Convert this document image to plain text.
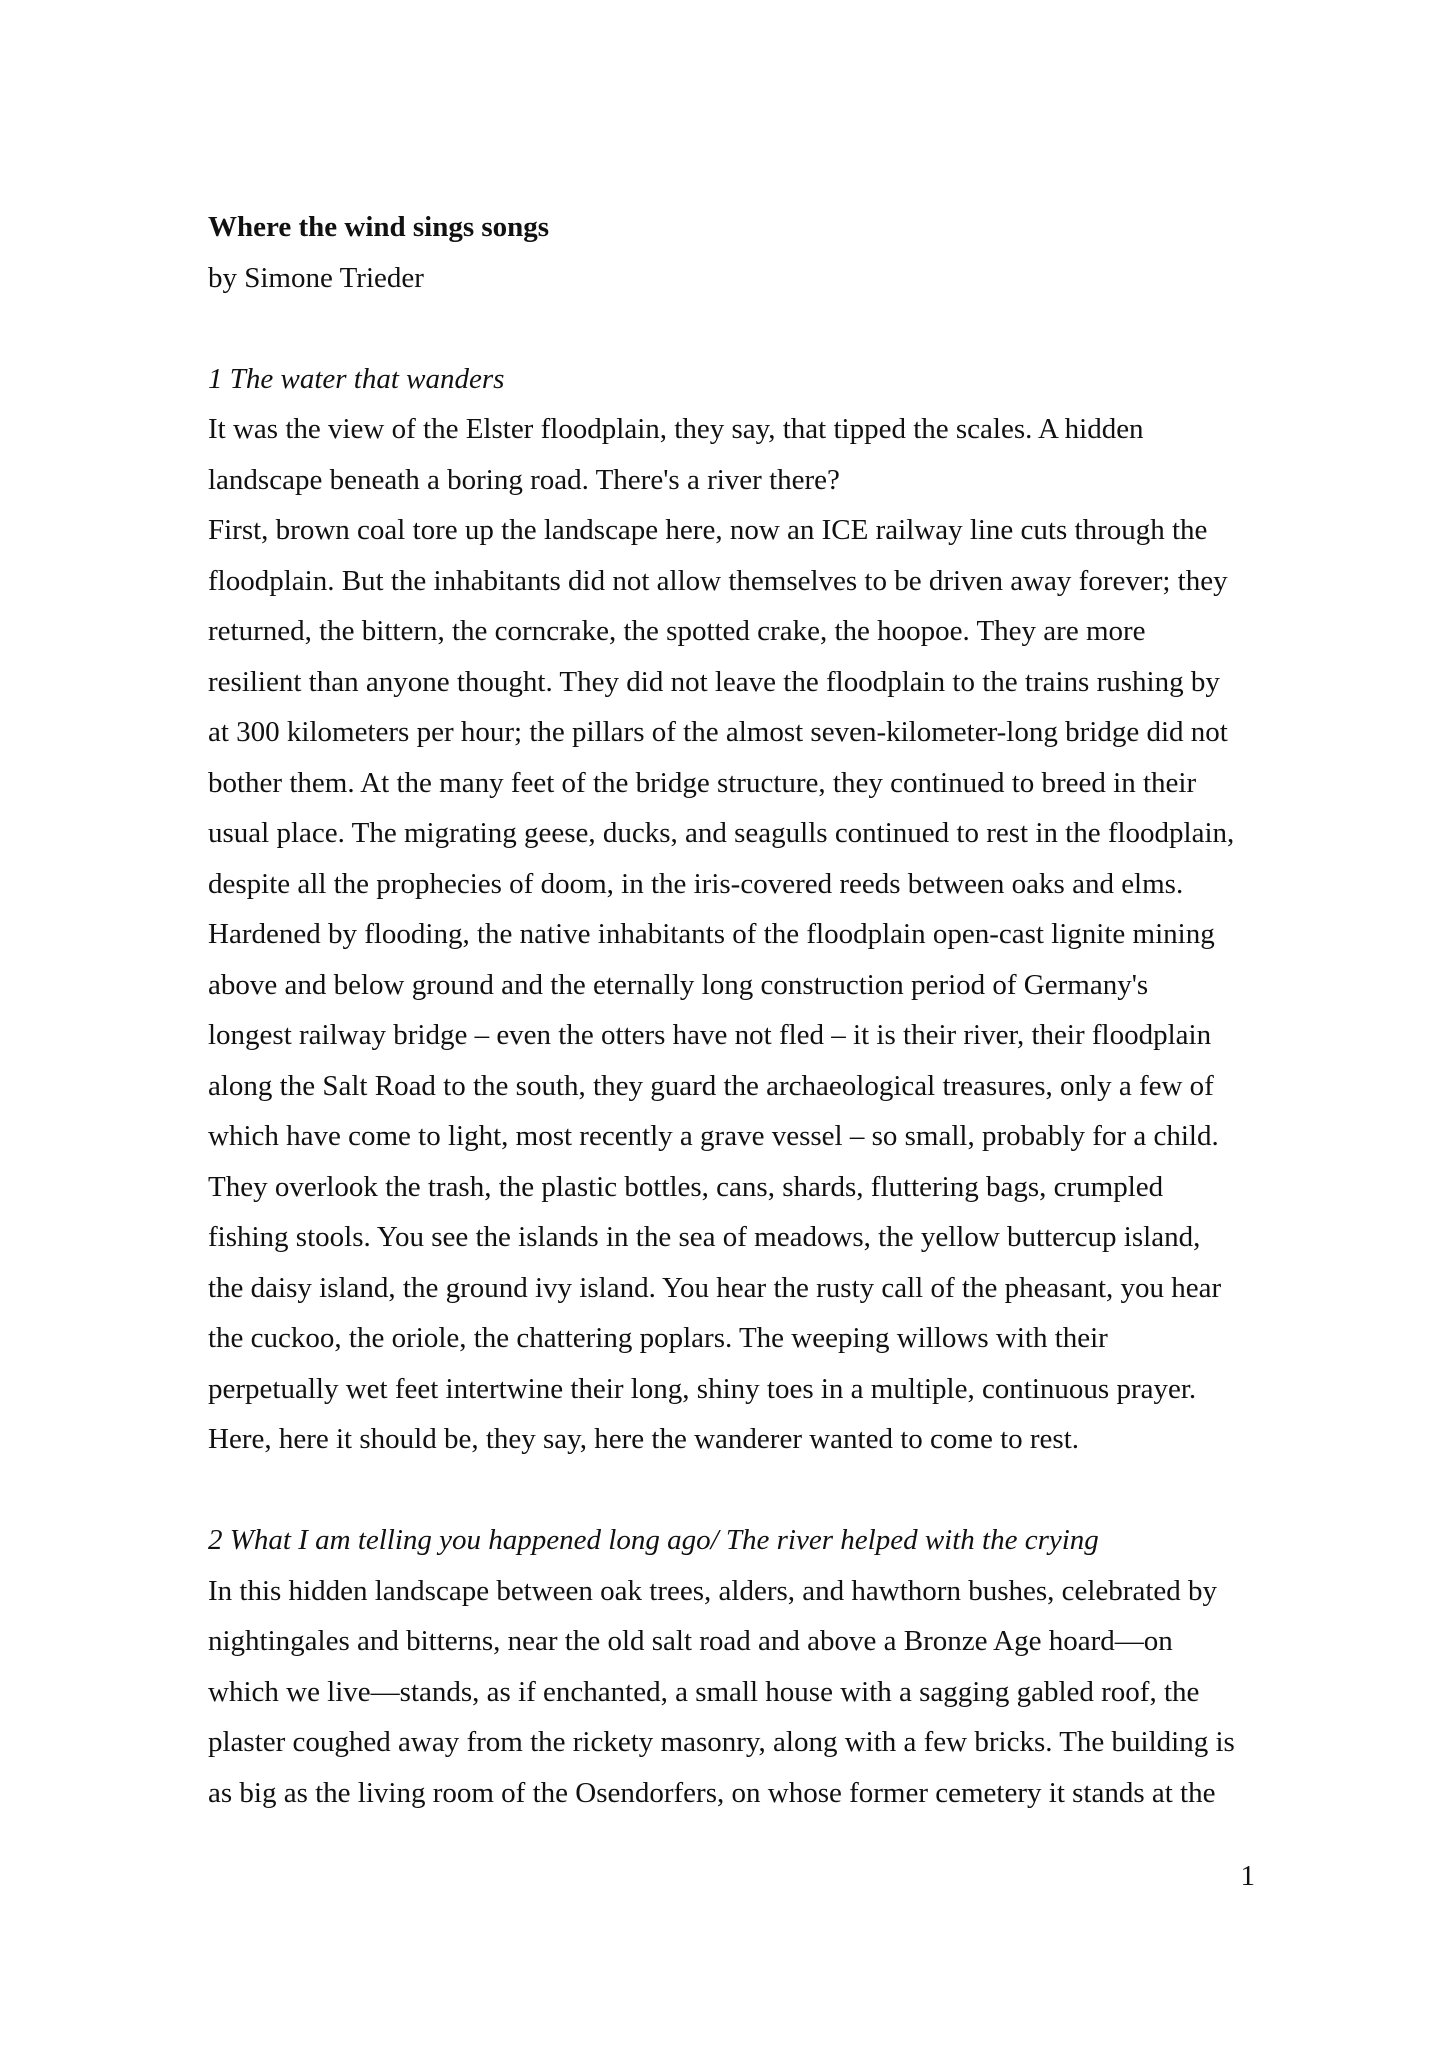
Where the wind sings songs

by Simone Trieder

1 The water that wanders

It was the view of the Elster floodplain, they say, that tipped the scales. A hidden

landscape beneath a boring road. There's a river there?

First, brown coal tore up the landscape here, now an ICE railway line cuts through the

floodplain. But the inhabitants did not allow themselves to be driven away forever; they

returned, the bittern, the corncrake, the spotted crake, the hoopoe. They are more

resilient than anyone thought. They did not leave the floodplain to the trains rushing by

at 300 kilometers per hour; the pillars of the almost seven-kilometer-long bridge did not

bother them. At the many feet of the bridge structure, they continued to breed in their

usual place. The migrating geese, ducks, and seagulls continued to rest in the floodplain,

despite all the prophecies of doom, in the iris-covered reeds between oaks and elms.

Hardened by flooding, the native inhabitants of the floodplain open-cast lignite mining

above and below ground and the eternally long construction period of Germany's

longest railway bridge – even the otters have not fled – it is their river, their floodplain

along the Salt Road to the south, they guard the archaeological treasures, only a few of

which have come to light, most recently a grave vessel – so small, probably for a child.

They overlook the trash, the plastic bottles, cans, shards, fluttering bags, crumpled

fishing stools. You see the islands in the sea of meadows, the yellow buttercup island,

the daisy island, the ground ivy island. You hear the rusty call of the pheasant, you hear

the cuckoo, the oriole, the chattering poplars. The weeping willows with their

perpetually wet feet intertwine their long, shiny toes in a multiple, continuous prayer.

Here, here it should be, they say, here the wanderer wanted to come to rest.

2 What I am telling you happened long ago/ The river helped with the crying

In this hidden landscape between oak trees, alders, and hawthorn bushes, celebrated by

nightingales and bitterns, near the old salt road and above a Bronze Age hoard—on

which we live—stands, as if enchanted, a small house with a sagging gabled roof, the

plaster coughed away from the rickety masonry, along with a few bricks. The building is

as big as the living room of the Osendorfers, on whose former cemetery it stands at the

1
